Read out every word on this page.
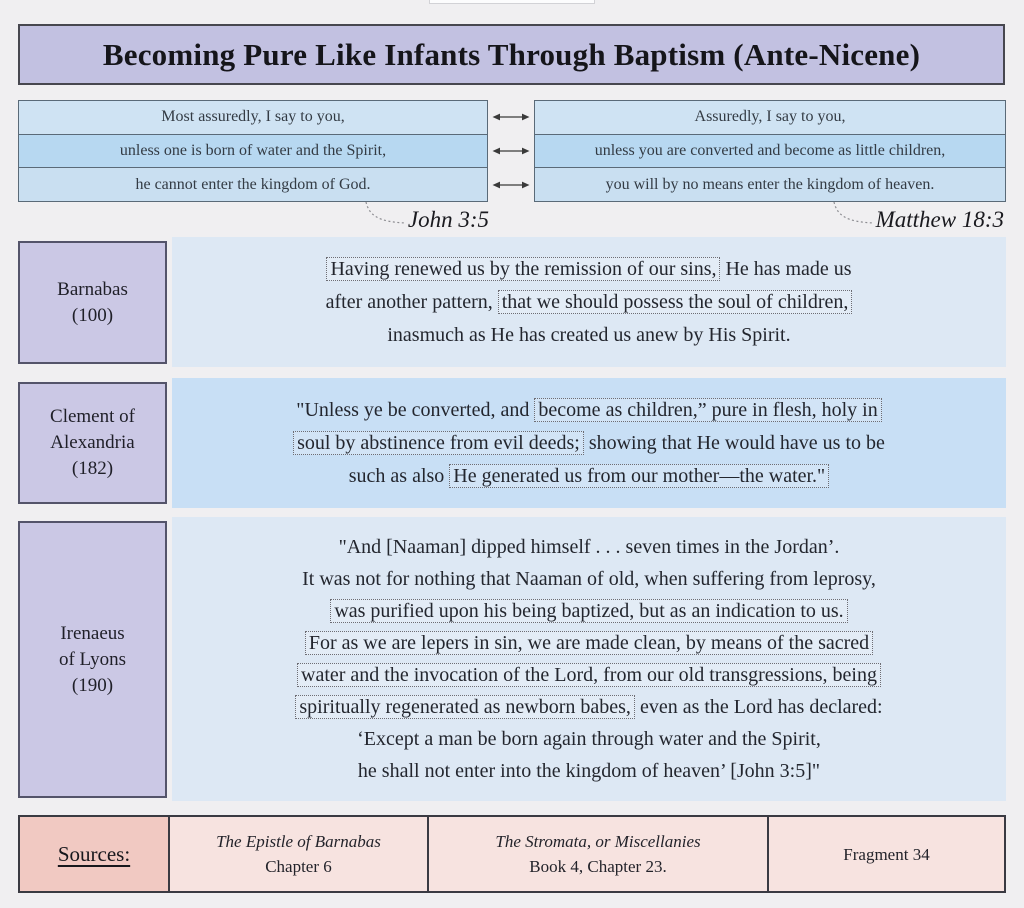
Becoming Pure Like Infants Through Baptism (Ante-Nicene)
Most assuredly, I say to you,
unless one is born of water and the Spirit,
he cannot enter the kingdom of God.
Assuredly, I say to you,
unless you are converted and become as little children,
you will by no means enter the kingdom of heaven.
John 3:5	Matthew 18:3
Barnabas
(100)
Having renewed us by the remission of our sins, He has made us
after another pattern, that we should possess the soul of children,
inasmuch as He has created us anew by His Spirit.
Clement of
Alexandria
(182)
"Unless ye be converted, and become as children,” pure in flesh, holy in
soul by abstinence from evil deeds; showing that He would have us to be
such as also He generated us from our mother—the water."
Irenaeus
of Lyons
(190)
"And [Naaman] dipped himself . . . seven times in the Jordan’.
It was not for nothing that Naaman of old, when suffering from leprosy,
was purified upon his being baptized, but as an indication to us.
For as we are lepers in sin, we are made clean, by means of the sacred
water and the invocation of the Lord, from our old transgressions, being
spiritually regenerated as newborn babes, even as the Lord has declared:
‘Except a man be born again through water and the Spirit,
he shall not enter into the kingdom of heaven’ [John 3:5]"
Sources:	The Epistle of Barnabas
Chapter 6
The Stromata, or Miscellanies
Book 4, Chapter 23.
Fragment 34
